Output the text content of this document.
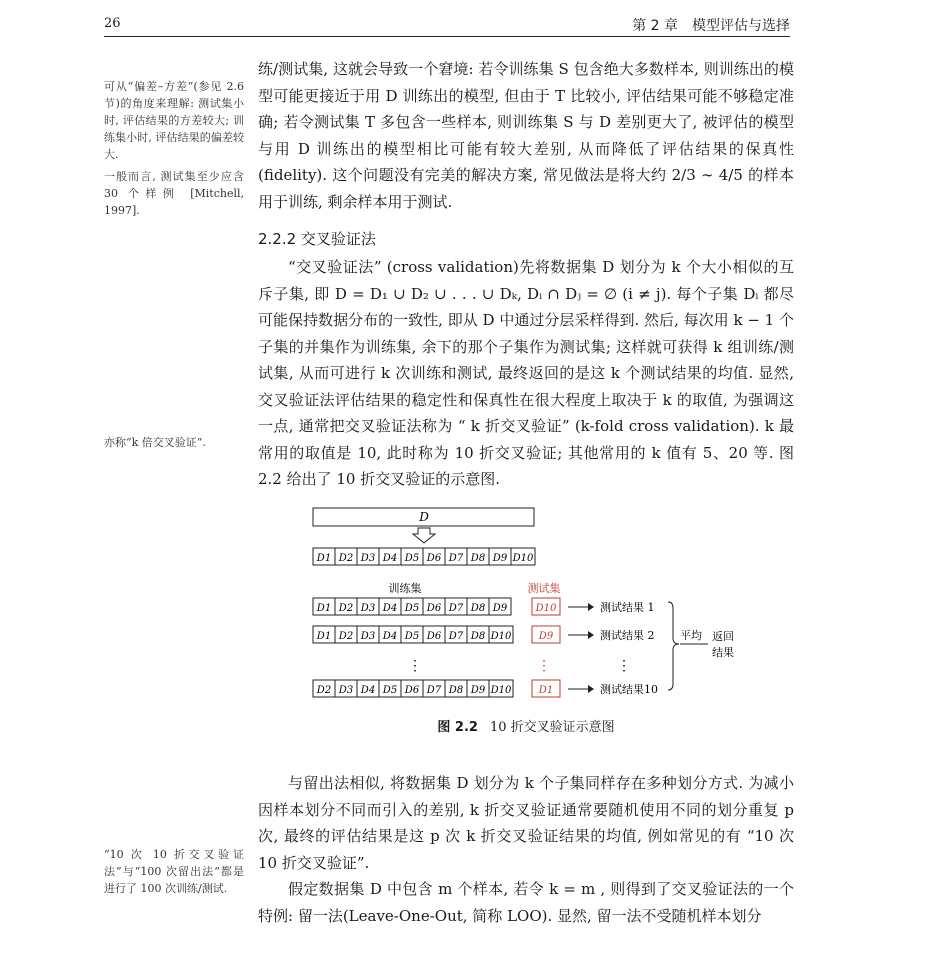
26	第 2 章　模型评估与选择

练/测试集, 这就会导致一个窘境: 若令训练集 S 包含绝大多数样本, 则训练出的模型可能更接近于用 D 训练出的模型, 但由于 T 比较小, 评估结果可能不够稳定准确; 若令测试集 T 多包含一些样本, 则训练集 S 与 D 差别更大了, 被评估的模型与用 D 训练出的模型相比可能有较大差别, 从而降低了评估结果的保真性(fidelity). 这个问题没有完美的解决方案, 常见做法是将大约 2/3 ∼ 4/5 的样本用于训练, 剩余样本用于测试.

2.2.2 交叉验证法

“交叉验证法” (cross validation)先将数据集 D 划分为 k 个大小相似的互斥子集, 即 D = D₁ ∪ D₂ ∪ . . . ∪ Dₖ, Dᵢ ∩ Dⱼ = ∅ (i ≠ j). 每个子集 Dᵢ 都尽可能保持数据分布的一致性, 即从 D 中通过分层采样得到. 然后, 每次用 k − 1 个子集的并集作为训练集, 余下的那个子集作为测试集; 这样就可获得 k 组训练/测试集, 从而可进行 k 次训练和测试, 最终返回的是这 k 个测试结果的均值. 显然, 交叉验证法评估结果的稳定性和保真性在很大程度上取决于 k 的取值, 为强调这一点, 通常把交叉验证法称为 “ k 折交叉验证” (k-fold cross validation). k 最常用的取值是 10, 此时称为 10 折交叉验证; 其他常用的 k 值有 5、20 等. 图 2.2 给出了 10 折交叉验证的示意图.

可从“偏差–方差”(参见 2.6 节)的角度来理解: 测试集小时, 评估结果的方差较大; 训练集小时, 评估结果的偏差较大.

一般而言, 测试集至少应含 30 个样例 [Mitchell, 1997].

亦称“k 倍交叉验证”.

“10 次 10 折交叉验证法”与“100 次留出法”都是进行了 100 次训练/测试.

D
D1 D2 D3 D4 D5 D6 D7 D8 D9 D10
训练集	测试集
D1 D2 D3 D4 D5 D6 D7 D8 D9	D10	测试结果 1
D1 D2 D3 D4 D5 D6 D7 D8 D10	D9	测试结果 2
D2 D3 D4 D5 D6 D7 D8 D9 D10	D1	测试结果10
⋮	⋮	⋮
平均 返回
结果
图 2.2 10 折交叉验证示意图

与留出法相似, 将数据集 D 划分为 k 个子集同样存在多种划分方式. 为减小因样本划分不同而引入的差别, k 折交叉验证通常要随机使用不同的划分重复 p 次, 最终的评估结果是这 p 次 k 折交叉验证结果的均值, 例如常见的有 “10 次 10 折交叉验证”.

假定数据集 D 中包含 m 个样本, 若令 k = m , 则得到了交叉验证法的一个特例: 留一法(Leave-One-Out, 简称 LOO). 显然, 留一法不受随机样本划分
